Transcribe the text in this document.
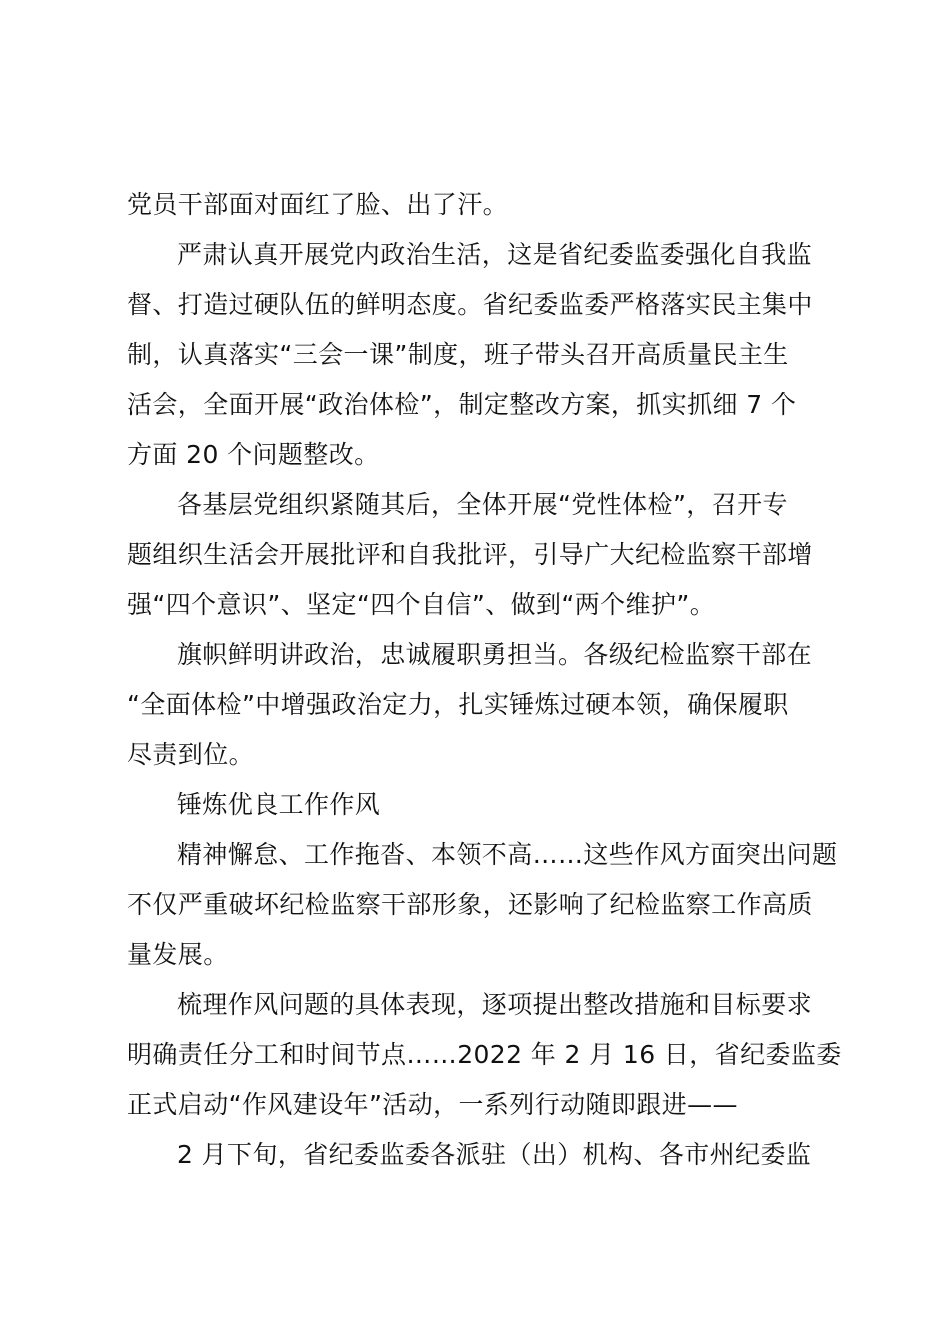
党员干部面对面红了脸、出了汗。
严肃认真开展党内政治生活，这是省纪委监委强化自我监
督、打造过硬队伍的鲜明态度。省纪委监委严格落实民主集中
制，认真落实“三会一课”制度，班子带头召开高质量民主生
活会，全面开展“政治体检”，制定整改方案，抓实抓细 7 个
方面 20 个问题整改。
各基层党组织紧随其后，全体开展“党性体检”，召开专
题组织生活会开展批评和自我批评，引导广大纪检监察干部增
强“四个意识”、坚定“四个自信”、做到“两个维护”。
旗帜鲜明讲政治，忠诚履职勇担当。各级纪检监察干部在
“全面体检”中增强政治定力，扎实锤炼过硬本领，确保履职
尽责到位。
锤炼优良工作作风
精神懈怠、工作拖沓、本领不高……这些作风方面突出问题
不仅严重破坏纪检监察干部形象，还影响了纪检监察工作高质
量发展。
梳理作风问题的具体表现，逐项提出整改措施和目标要求
明确责任分工和时间节点……2022 年 2 月 16 日，省纪委监委
正式启动“作风建设年”活动，一系列行动随即跟进——
2 月下旬，省纪委监委各派驻（出）机构、各市州纪委监
